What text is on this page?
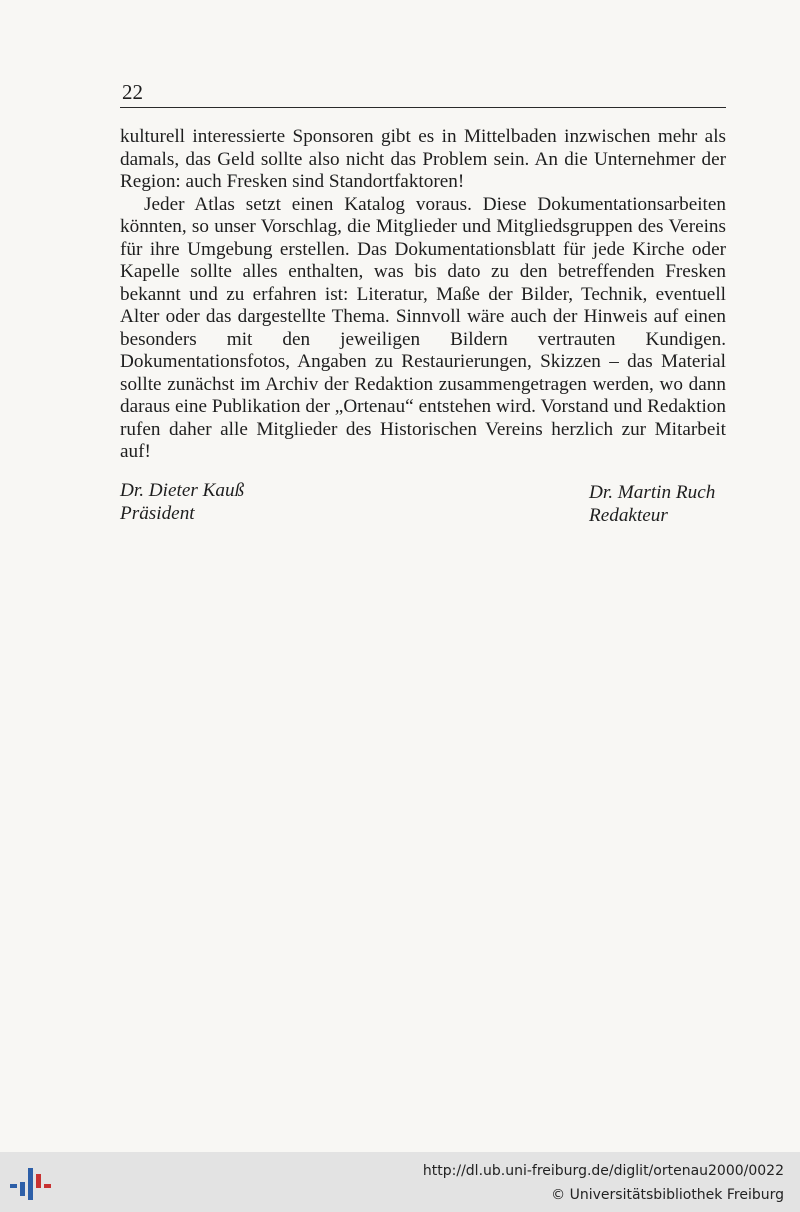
22

kulturell interessierte Sponsoren gibt es in Mittelbaden inzwischen mehr als damals, das Geld sollte also nicht das Problem sein. An die Unternehmer der Region: auch Fresken sind Standortfaktoren!

Jeder Atlas setzt einen Katalog voraus. Diese Dokumentationsarbeiten könnten, so unser Vorschlag, die Mitglieder und Mitgliedsgruppen des Vereins für ihre Umgebung erstellen. Das Dokumentationsblatt für jede Kirche oder Kapelle sollte alles enthalten, was bis dato zu den betreffenden Fresken bekannt und zu erfahren ist: Literatur, Maße der Bilder, Technik, eventuell Alter oder das dargestellte Thema. Sinnvoll wäre auch der Hinweis auf einen besonders mit den jeweiligen Bildern vertrauten Kundigen. Dokumentationsfotos, Angaben zu Restaurierungen, Skizzen – das Material sollte zunächst im Archiv der Redaktion zusammengetragen werden, wo dann daraus eine Publikation der „Ortenau“ entstehen wird. Vorstand und Redaktion rufen daher alle Mitglieder des Historischen Vereins herzlich zur Mitarbeit auf!

Dr. Dieter Kauß
Präsident
Dr. Martin Ruch
Redakteur
http://dl.ub.uni-freiburg.de/diglit/ortenau2000/0022
© Universitätsbibliothek Freiburg
